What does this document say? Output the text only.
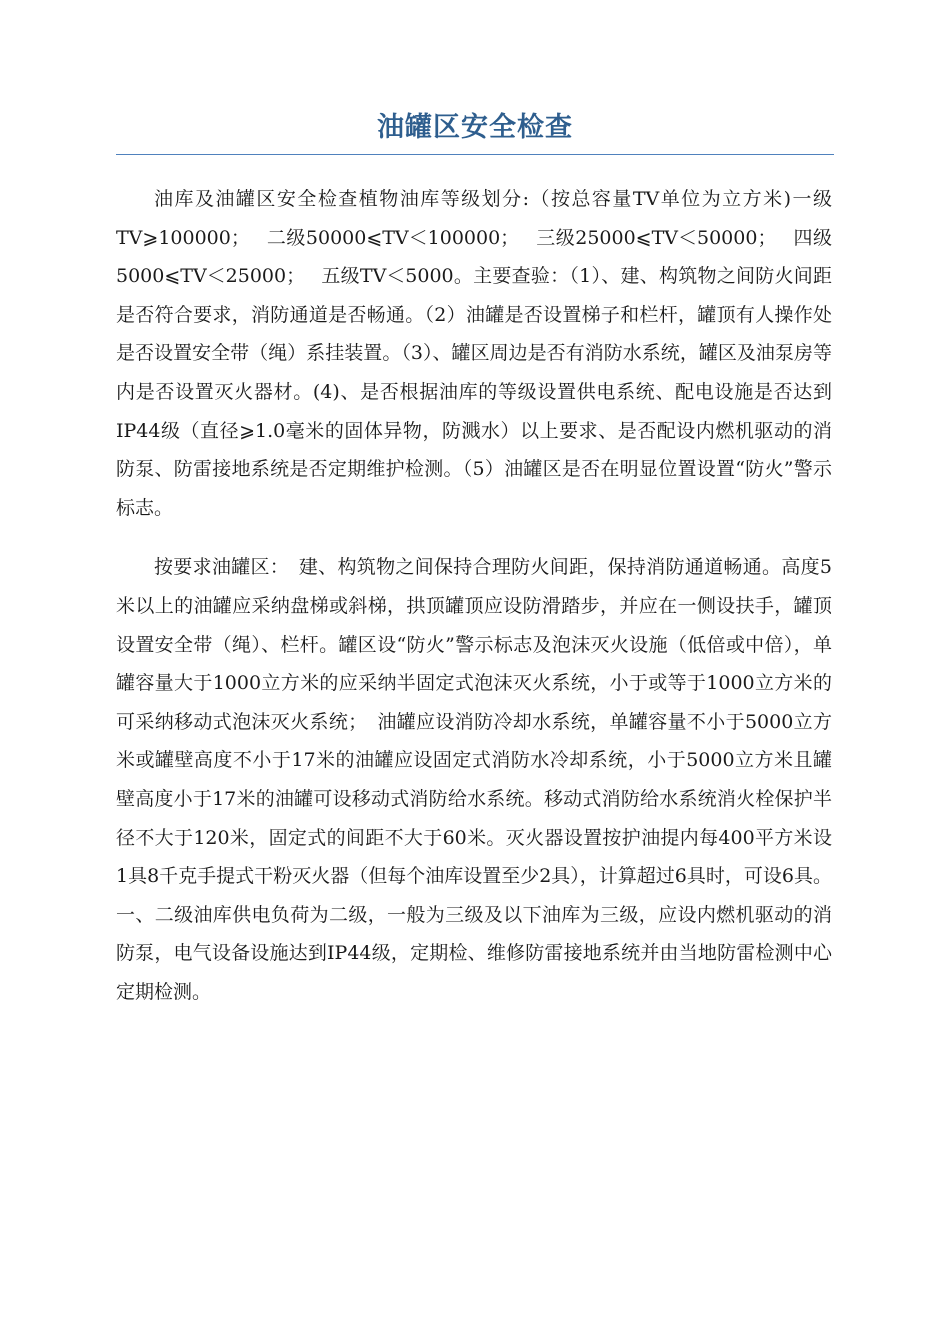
油罐区安全检查

油库及油罐区安全检查植物油库等级划分:（按总容量TV单位为立方米)一级TV⩾100000；　 二级50000⩽TV＜100000；　 三级25000⩽TV＜50000；　 四级5000⩽TV＜25000；　 五级TV＜5000。主要查验：（1）、建、构筑物之间防火间距是否符合要求，消防通道是否畅通。（2）油罐是否设置梯子和栏杆，罐顶有人操作处是否设置安全带（绳）系挂装置。（3）、罐区周边是否有消防水系统，罐区及油泵房等内是否设置灭火器材。(4)、是否根据油库的等级设置供电系统、配电设施是否达到IP44级（直径⩾1.0毫米的固体异物，防溅水）以上要求、是否配设内燃机驱动的消防泵、防雷接地系统是否定期维护检测。（5）油罐区是否在明显位置设置“防火”警示标志。

按要求油罐区：　建、构筑物之间保持合理防火间距，保持消防通道畅通。高度5米以上的油罐应采纳盘梯或斜梯，拱顶罐顶应设防滑踏步，并应在一侧设扶手，罐顶设置安全带（绳）、栏杆。罐区设“防火”警示标志及泡沫灭火设施（低倍或中倍），单罐容量大于1000立方米的应采纳半固定式泡沫灭火系统，小于或等于1000立方米的可采纳移动式泡沫灭火系统；　油罐应设消防冷却水系统，单罐容量不小于5000立方米或罐壁高度不小于17米的油罐应设固定式消防水冷却系统，小于5000立方米且罐壁高度小于17米的油罐可设移动式消防给水系统。移动式消防给水系统消火栓保护半径不大于120米，固定式的间距不大于60米。灭火器设置按护油提内每400平方米设1具8千克手提式干粉灭火器（但每个油库设置至少2具），计算超过6具时，可设6具。一、二级油库供电负荷为二级，一般为三级及以下油库为三级，应设内燃机驱动的消防泵，电气设备设施达到IP44级，定期检、维修防雷接地系统并由当地防雷检测中心定期检测。
